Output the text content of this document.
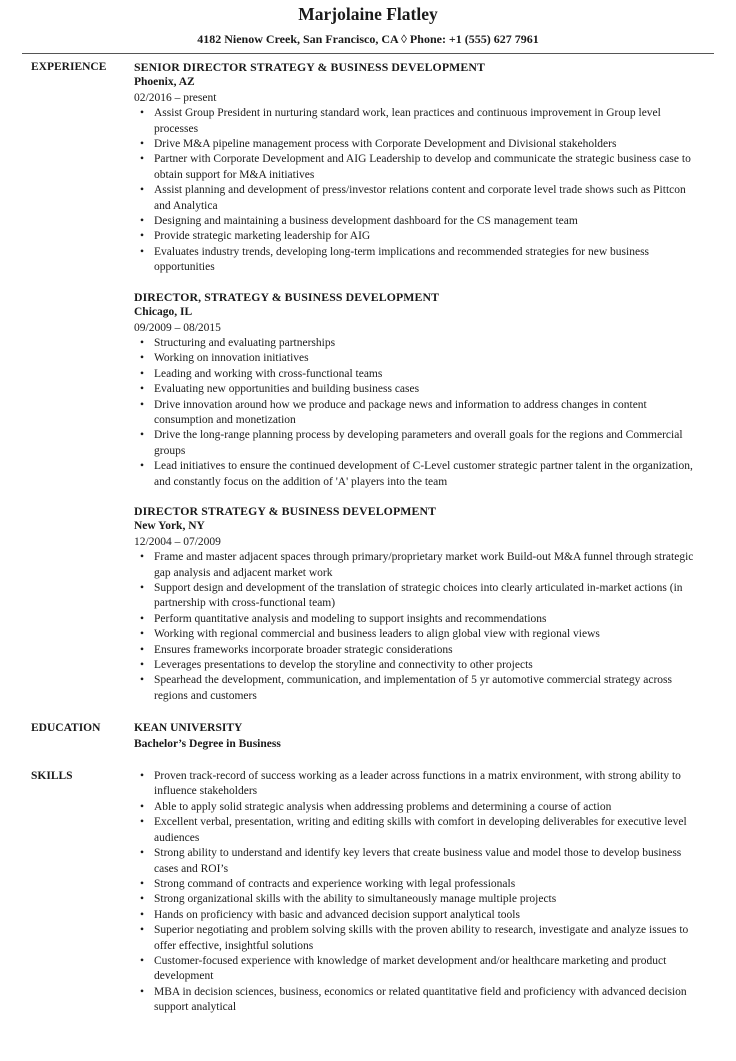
Marjolaine Flatley

4182 Nienow Creek, San Francisco, CA ◊ Phone: +1 (555) 627 7961

EXPERIENCE	SENIOR DIRECTOR STRATEGY & BUSINESS DEVELOPMENT
Phoenix, AZ
02/2016 – present
• Assist Group President in nurturing standard work, lean practices and continuous improvement in Group level processes
• Drive M&A pipeline management process with Corporate Development and Divisional stakeholders
• Partner with Corporate Development and AIG Leadership to develop and communicate the strategic business case to obtain support for M&A initiatives
• Assist planning and development of press/investor relations content and corporate level trade shows such as Pittcon and Analytica
• Designing and maintaining a business development dashboard for the CS management team
• Provide strategic marketing leadership for AIG
• Evaluates industry trends, developing long-term implications and recommended strategies for new business opportunities
DIRECTOR, STRATEGY & BUSINESS DEVELOPMENT
Chicago, IL
09/2009 – 08/2015
• Structuring and evaluating partnerships
• Working on innovation initiatives
• Leading and working with cross-functional teams
• Evaluating new opportunities and building business cases
• Drive innovation around how we produce and package news and information to address changes in content consumption and monetization
• Drive the long-range planning process by developing parameters and overall goals for the regions and Commercial groups
• Lead initiatives to ensure the continued development of C-Level customer strategic partner talent in the organization, and constantly focus on the addition of 'A' players into the team
DIRECTOR STRATEGY & BUSINESS DEVELOPMENT
New York, NY
12/2004 – 07/2009
• Frame and master adjacent spaces through primary/proprietary market work Build-out M&A funnel through strategic gap analysis and adjacent market work
• Support design and development of the translation of strategic choices into clearly articulated in-market actions (in partnership with cross-functional team)
• Perform quantitative analysis and modeling to support insights and recommendations
• Working with regional commercial and business leaders to align global view with regional views
• Ensures frameworks incorporate broader strategic considerations
• Leverages presentations to develop the storyline and connectivity to other projects
• Spearhead the development, communication, and implementation of 5 yr automotive commercial strategy across regions and customers
EDUCATION	KEAN UNIVERSITY
Bachelor’s Degree in Business
SKILLS
•	Proven track-record of success working as a leader across functions in a matrix environment, with strong ability to influence stakeholders
• Able to apply solid strategic analysis when addressing problems and determining a course of action
• Excellent verbal, presentation, writing and editing skills with comfort in developing deliverables for executive level audiences
• Strong ability to understand and identify key levers that create business value and model those to develop business cases and ROI’s
• Strong command of contracts and experience working with legal professionals
• Strong organizational skills with the ability to simultaneously manage multiple projects
• Hands on proficiency with basic and advanced decision support analytical tools
• Superior negotiating and problem solving skills with the proven ability to research, investigate and analyze issues to offer effective, insightful solutions
• Customer-focused experience with knowledge of market development and/or healthcare marketing and product development
• MBA in decision sciences, business, economics or related quantitative field and proficiency with advanced decision support analytical
